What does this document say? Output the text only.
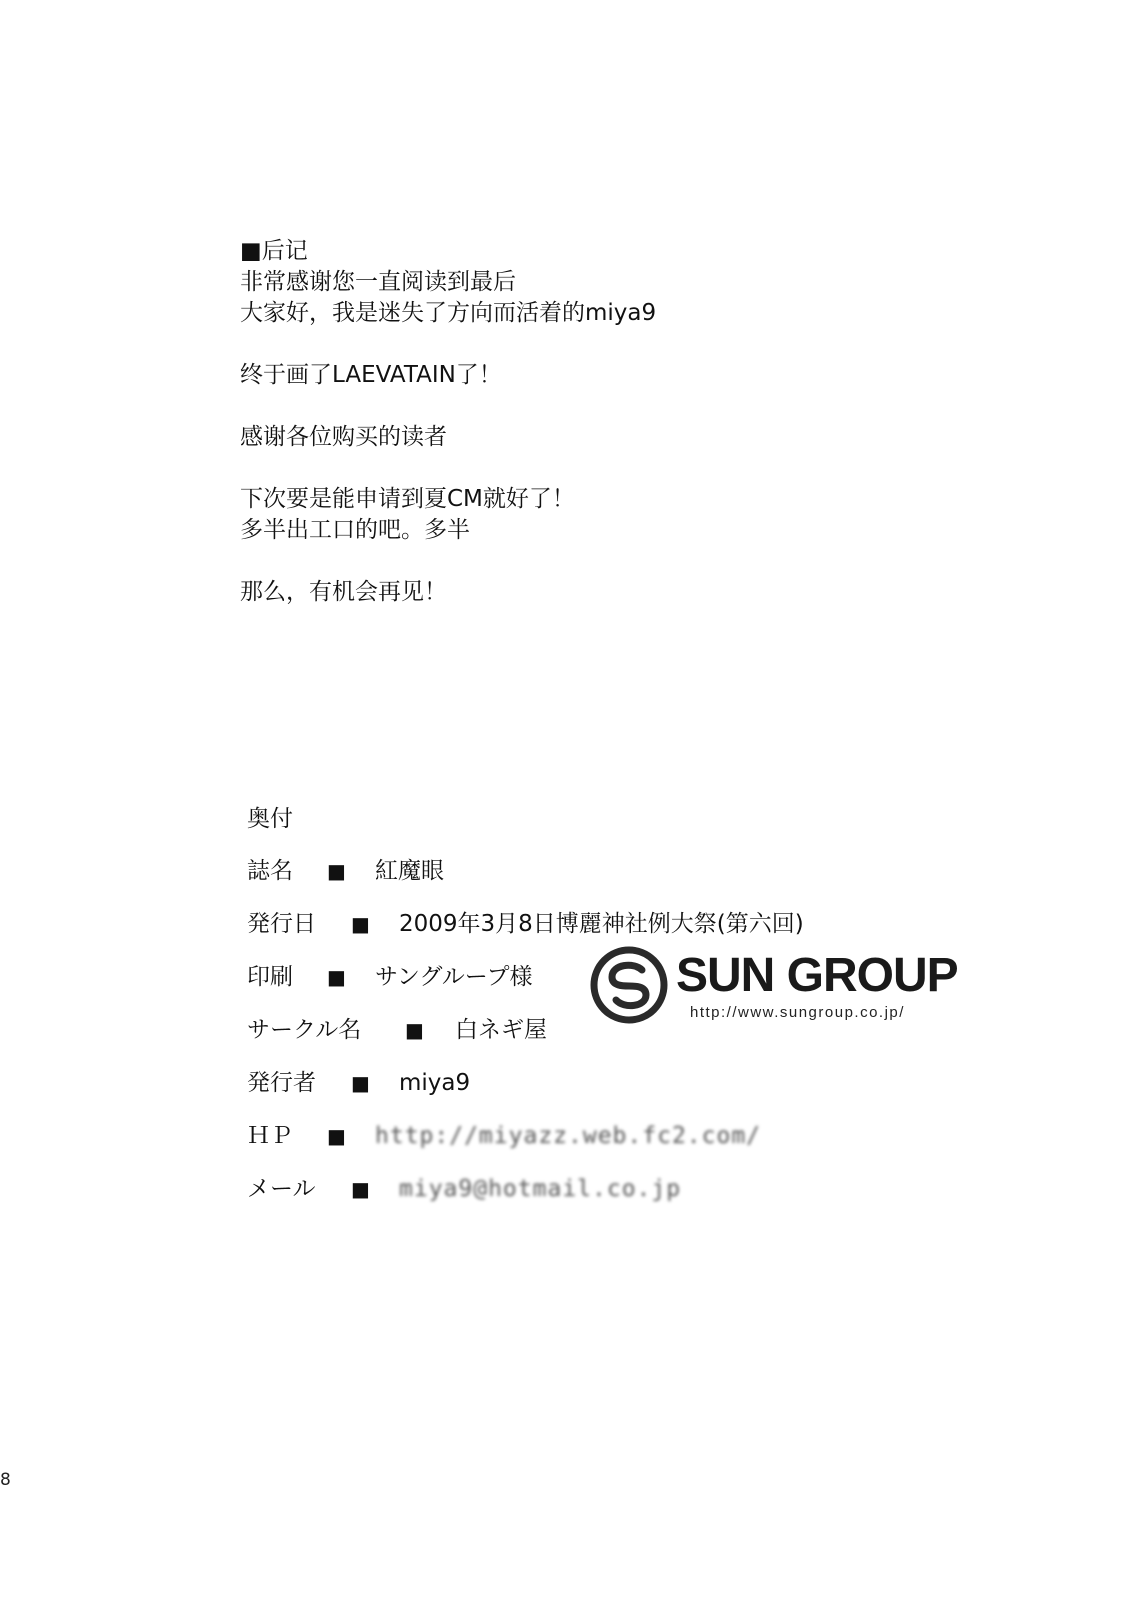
■后记
非常感谢您一直阅读到最后
大家好，我是迷失了方向而活着的miya9
终于画了LAEVATAIN了！
感谢各位购买的读者
下次要是能申请到夏CM就好了！
多半出工口的吧。多半
那么，有机会再见！
奥付
誌名 ■ 紅魔眼
発行日 ■ 2009年3月8日博麗神社例大祭(第六回)
印刷 ■ サングループ様
サークル名 ■ 白ネギ屋
発行者 ■ miya9
ＨＰ ■ http://miyazz.web.fc2.com/
メール ■ miya9@hotmail.co.jp
SUN GROUP
http://www.sungroup.co.jp/
8
